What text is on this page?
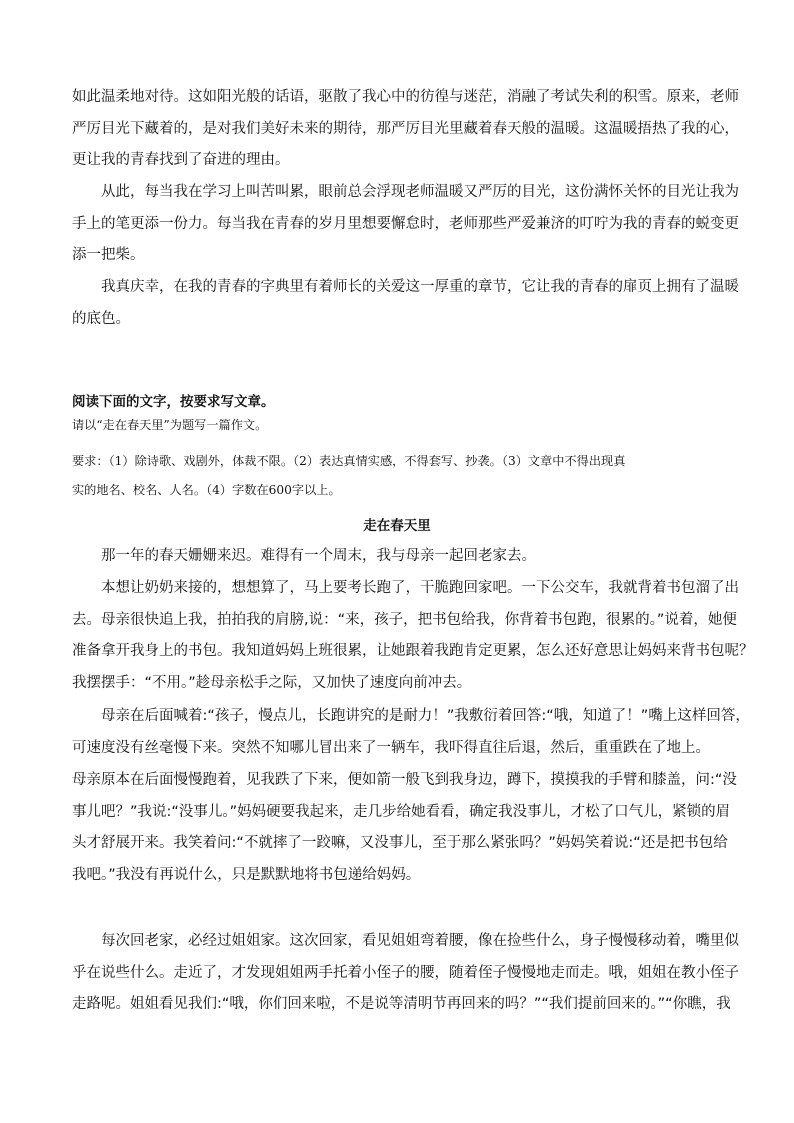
如此温柔地对待。这如阳光般的话语，驱散了我心中的彷徨与迷茫，消融了考试失利的积雪。原来，老师
严厉目光下藏着的，是对我们美好未来的期待，那严厉目光里藏着春天般的温暖。这温暖捂热了我的心，
更让我的青春找到了奋进的理由。
　　从此，每当我在学习上叫苦叫累，眼前总会浮现老师温暖又严厉的目光，这份满怀关怀的目光让我为
手上的笔更添一份力。每当我在青春的岁月里想要懈怠时，老师那些严爱兼济的叮咛为我的青春的蜕变更
添一把柴。
　　我真庆幸，在我的青春的字典里有着师长的关爱这一厚重的章节，它让我的青春的扉页上拥有了温暖
的底色。

阅读下面的文字，按要求写文章。

请以“走在春天里”为题写一篇作文。

要求：（1）除诗歌、戏剧外，体裁不限。（2）表达真情实感，不得套写、抄袭。（3）文章中不得出现真

实的地名、校名、人名。（4）字数在600字以上。

走在春天里

　　那一年的春天姗姗来迟。难得有一个周末，我与母亲一起回老家去。
　　本想让奶奶来接的，想想算了，马上要考长跑了，干脆跑回家吧。一下公交车，我就背着书包溜了出
去。母亲很快追上我，拍拍我的肩膀,说：“来，孩子，把书包给我，你背着书包跑，很累的。”说着，她便
准备拿开我身上的书包。我知道妈妈上班很累，让她跟着我跑肯定更累，怎么还好意思让妈妈来背书包呢？
我摆摆手：“不用。”趁母亲松手之际，又加快了速度向前冲去。
　　母亲在后面喊着:“孩子，慢点儿，长跑讲究的是耐力！”我敷衍着回答:“哦，知道了！”嘴上这样回答，
可速度没有丝毫慢下来。突然不知哪儿冒出来了一辆车，我吓得直往后退，然后，重重跌在了地上。
母亲原本在后面慢慢跑着，见我跌了下来，便如箭一般飞到我身边，蹲下，摸摸我的手臂和膝盖，问:“没
事儿吧？”我说:“没事儿。”妈妈硬要我起来，走几步给她看看，确定我没事儿，才松了口气儿，紧锁的眉
头才舒展开来。我笑着问:“不就摔了一跤嘛，又没事儿，至于那么紧张吗？”妈妈笑着说:“还是把书包给
我吧。”我没有再说什么，只是默默地将书包递给妈妈。
　　每次回老家，必经过姐姐家。这次回家，看见姐姐弯着腰，像在捡些什么，身子慢慢移动着，嘴里似
乎在说些什么。走近了，才发现姐姐两手托着小侄子的腰，随着侄子慢慢地走而走。哦，姐姐在教小侄子
走路呢。姐姐看见我们:“哦，你们回来啦，不是说等清明节再回来的吗？”“我们提前回来的。”“你瞧，我
